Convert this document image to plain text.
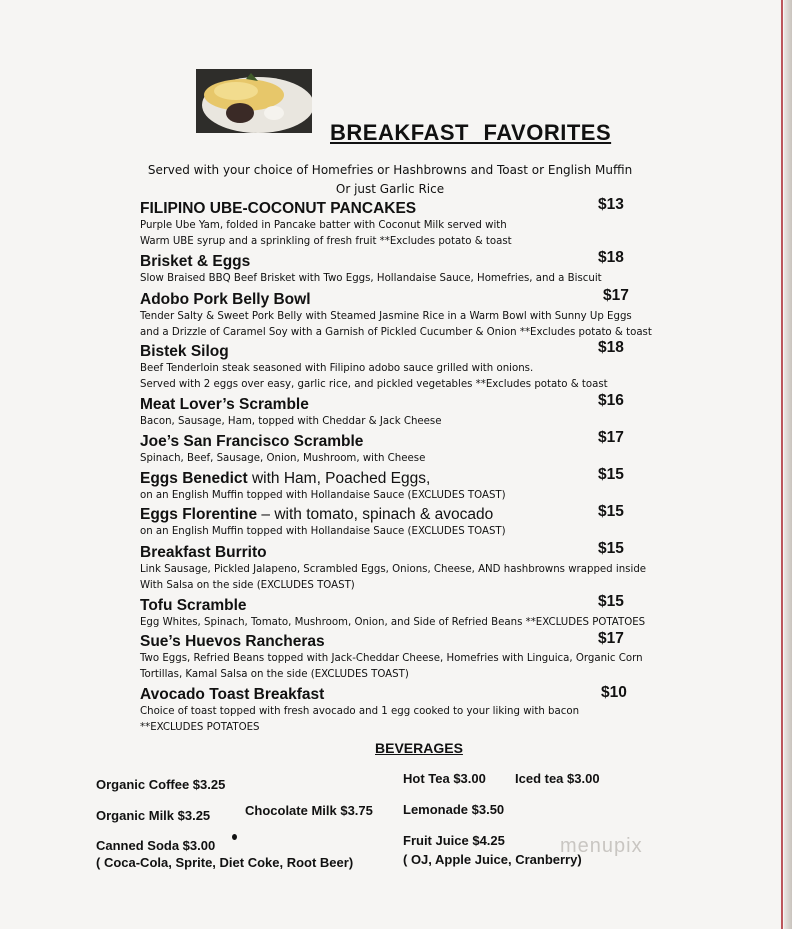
BREAKFAST FAVORITES
Served with your choice of Homefries or Hashbrowns and Toast or English Muffin
Or just Garlic Rice
FILIPINO UBE-COCONUT PANCAKES
Purple Ube Yam, folded in Pancake batter with Coconut Milk served with
Warm UBE syrup and a sprinkling of fresh fruit **Excludes potato & toast
$13
Brisket & Eggs
Slow Braised BBQ Beef Brisket with Two Eggs, Hollandaise Sauce, Homefries, and a Biscuit
$18
Adobo Pork Belly Bowl
Tender Salty & Sweet Pork Belly with Steamed Jasmine Rice in a Warm Bowl with Sunny Up Eggs
and a Drizzle of Caramel Soy with a Garnish of Pickled Cucumber & Onion **Excludes potato & toast
$17
Bistek Silog
Beef Tenderloin steak seasoned with Filipino adobo sauce grilled with onions.
Served with 2 eggs over easy, garlic rice, and pickled vegetables **Excludes potato & toast
$18
Meat Lover’s Scramble
Bacon, Sausage, Ham, topped with Cheddar & Jack Cheese
$16
Joe’s San Francisco Scramble
Spinach, Beef, Sausage, Onion, Mushroom, with Cheese
$17
Eggs Benedict with Ham, Poached Eggs,
on an English Muffin topped with Hollandaise Sauce (EXCLUDES TOAST)
$15
Eggs Florentine – with tomato, spinach & avocado
on an English Muffin topped with Hollandaise Sauce (EXCLUDES TOAST)
$15
Breakfast Burrito
Link Sausage, Pickled Jalapeno, Scrambled Eggs, Onions, Cheese, AND hashbrowns wrapped inside
With Salsa on the side (EXCLUDES TOAST)
$15
Tofu Scramble
Egg Whites, Spinach, Tomato, Mushroom, Onion, and Side of Refried Beans **EXCLUDES POTATOES
$15
Sue’s Huevos Rancheras
Two Eggs, Refried Beans topped with Jack-Cheddar Cheese, Homefries with Linguica, Organic Corn
Tortillas, Kamal Salsa on the side (EXCLUDES TOAST)
$17
Avocado Toast Breakfast
Choice of toast topped with fresh avocado and 1 egg cooked to your liking with bacon
**EXCLUDES POTATOES
$10
BEVERAGES
Organic Coffee $3.25	Hot Tea $3.00 Iced tea $3.00
Organic Milk $3.25	Chocolate Milk $3.75 Lemonade $3.50
Canned Soda $3.00
( Coca-Cola, Sprite, Diet Coke, Root Beer)
Fruit Juice $4.25
( OJ, Apple Juice, Cranberry)
menupix
